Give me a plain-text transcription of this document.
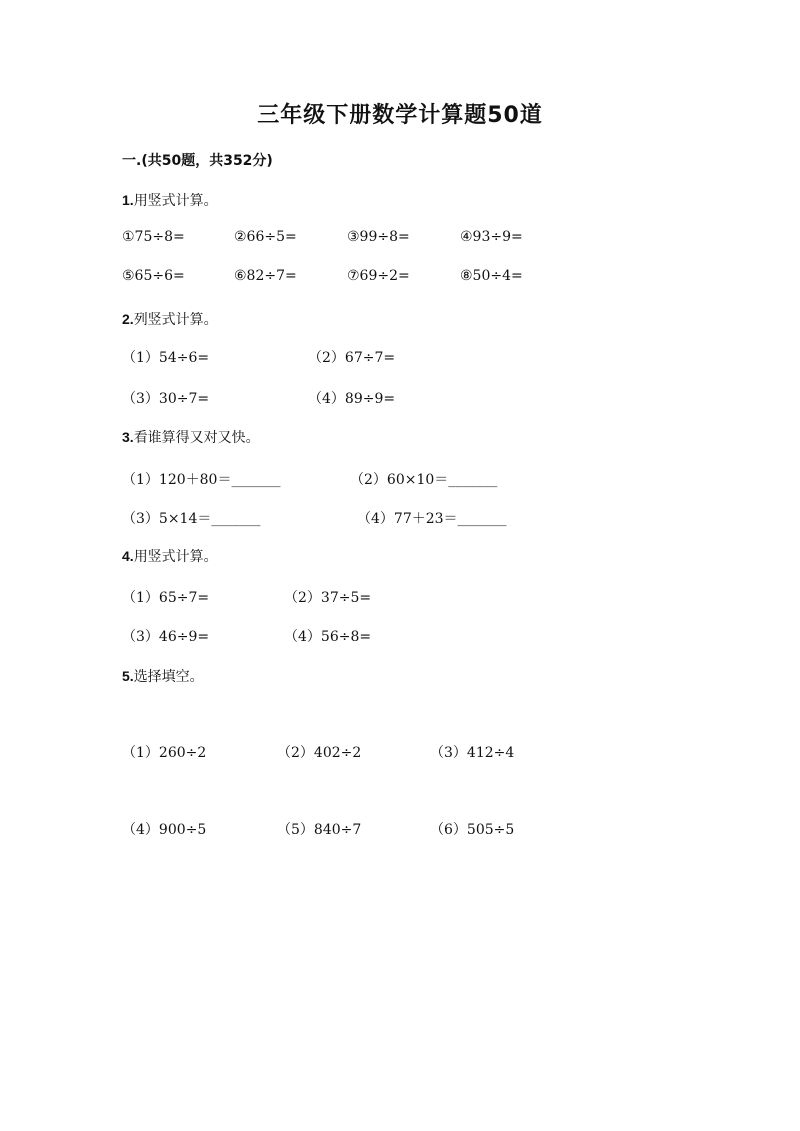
三年级下册数学计算题50道
一.(共50题，共352分)
1.用竖式计算。
①75÷8=	②66÷5=	③99÷8=	④93÷9=
⑤65÷6=	⑥82÷7=	⑦69÷2=	⑧50÷4=
2.列竖式计算。
（1）54÷6=	（2）67÷7=
（3）30÷7=	（4）89÷9=
3.看谁算得又对又快。
（1）120＋80＝_______	（2）60×10＝_______
（3）5×14＝_______	（4）77＋23＝_______
4.用竖式计算。
（1）65÷7=	（2）37÷5=
（3）46÷9=	（4）56÷8=
5.选择填空。
（1）260÷2	（2）402÷2	（3）412÷4
（4）900÷5	（5）840÷7	（6）505÷5
